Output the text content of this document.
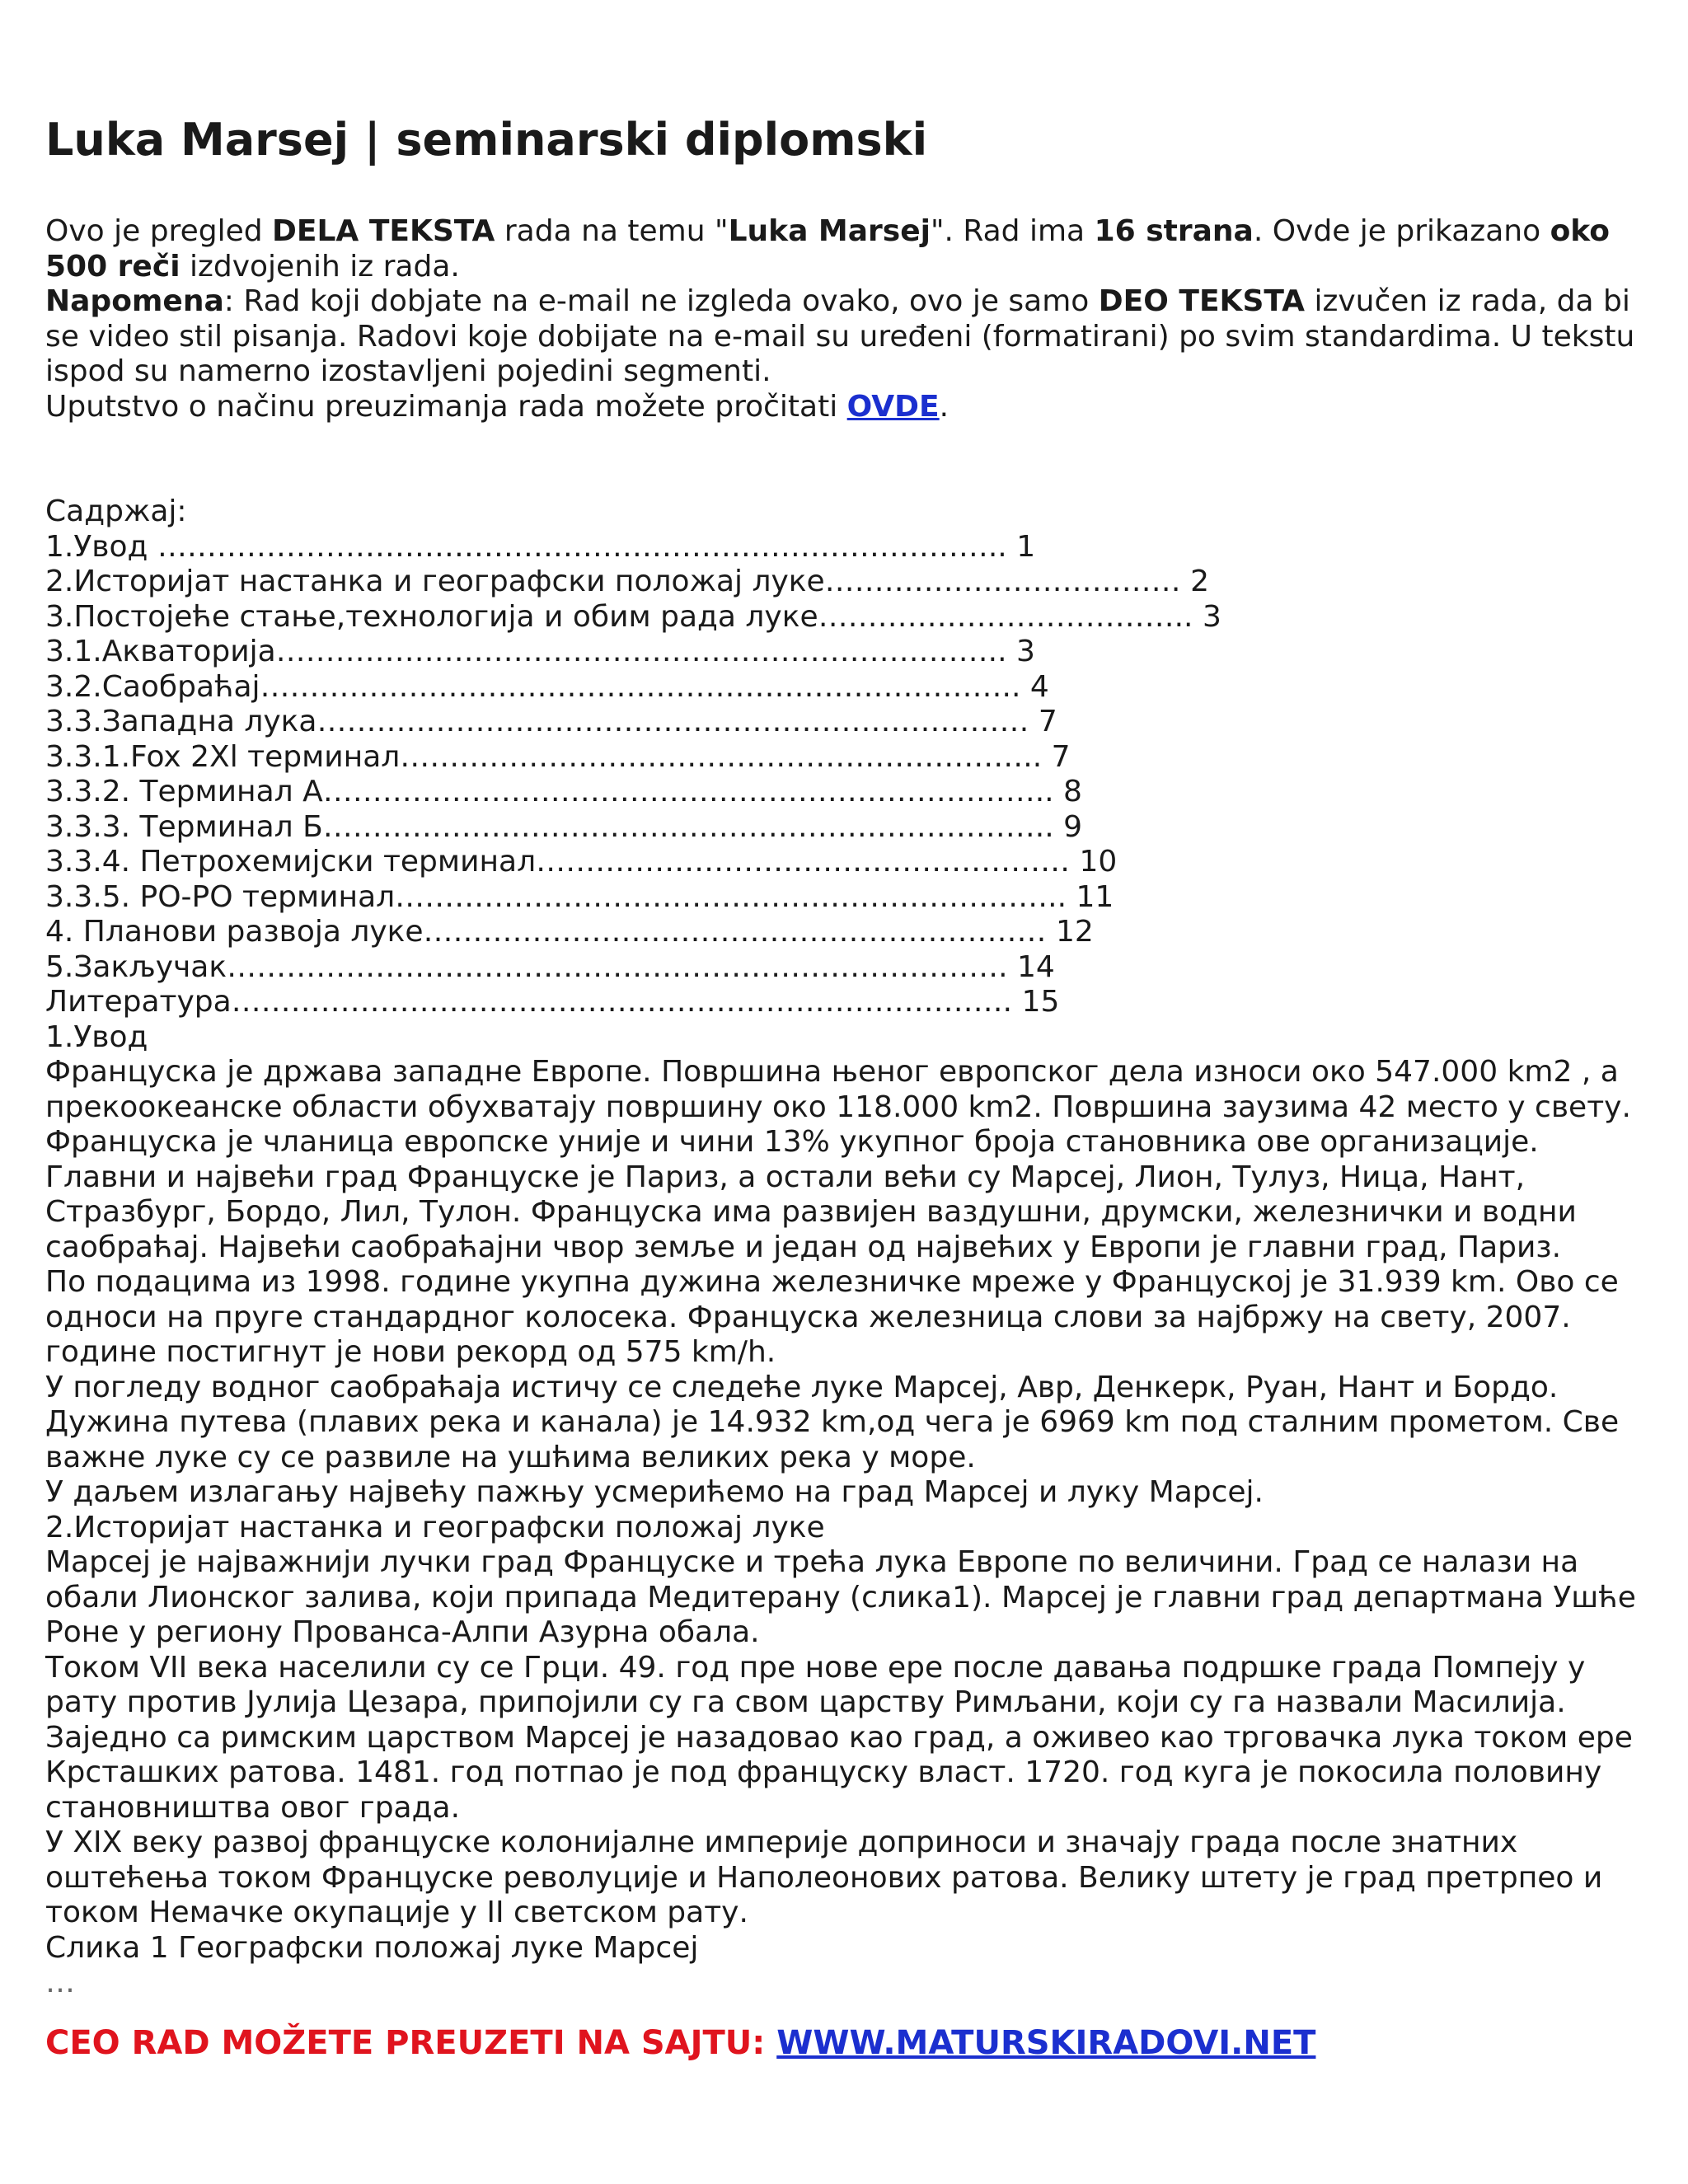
Luka Marsej | seminarski diplomski

Ovo je pregled DELA TEKSTA rada na temu "Luka Marsej". Rad ima 16 strana. Ovde je prikazano oko 500 reči izdvojenih iz rada.

Napomena: Rad koji dobjate na e-mail ne izgleda ovako, ovo je samo DEO TEKSTA izvučen iz rada, da bi se video stil pisanja. Radovi koje dobijate na e-mail su uređeni (formatirani) po svim standardima. U tekstu ispod su namerno izostavljeni pojedini segmenti.

Uputstvo o načinu preuzimanja rada možete pročitati OVDE.

Садржај:
1.Увод ………………………………………………………………………….. 1
2.Историјат настанка и географски положај луке……………………………… 2
3.Постојеће стање,технологија и обим рада луке……………………………….. 3
3.1.Акваторија……………………………………………………………….. 3
3.2.Саобраћај………………………………………………………………….. 4
3.3.Западна лука……………………………………………………………… 7
3.3.1.Fox 2Xl терминал……………………………………………………….. 7
3.3.2. Терминал А……………………………………………………………….. 8
3.3.3. Терминал Б……………………………………………………………….. 9
3.3.4. Петрохемијски терминал……………………………………………… 10
3.3.5. РО-РО терминал………………………………………………………….. 11
4. Планови развоја луке……………………………………………………… 12
5.Закључак……………………………………………………………………. 14
Литература……………………………………………………………………. 15

1.Увод

Француска је држава западне Европе. Површина њеног европског дела износи око 547.000 km2 , а прекоокеанске области обухватају површину око 118.000 km2. Површина заузима 42 место у свету. Француска је чланица европске уније и чини 13% укупног броја становника ове организације.

Главни и највећи град Француске је Париз, а остали већи су Марсеј, Лион, Тулуз, Ница, Нант, Стразбург, Бордо, Лил, Тулон. Француска има развијен ваздушни, друмски, железнички и водни саобраћај. Највећи саобраћајни чвор земље и један од највећих у Европи је главни град, Париз.

По подацима из 1998. године укупна дужина железничке мреже у Француској је 31.939 km. Ово се односи на пруге стандардног колосека. Француска железница слови за најбржу на свету, 2007. године постигнут је нови рекорд од 575 km/h.

У погледу водног саобраћаја истичу се следеће луке Марсеј, Авр, Денкерк, Руан, Нант и Бордо. Дужина путева (плавих река и канала) је 14.932 km,од чега је 6969 km под сталним прометом. Све важне луке су се развиле на ушћима великих река у море.

У даљем излагању највећу пажњу усмерићемо на град Марсеј и луку Марсеј.

2.Историјат настанка и географски положај луке

Марсеј је најважнији лучки град Француске и трећа лука Европе по величини. Град се налази на обали Лионског залива, који припада Медитерану (слика1). Марсеј је главни град департмана Ушће Роне у региону Прованса-Алпи Азурна обала.

Током VII века населили су се Грци. 49. год пре нове ере после давања подршке града Помпеју у рату против Јулија Цезара, припојили су га свом царству Римљани, који су га назвали Масилија. Заједно са римским царством Марсеј је назадовао као град, а оживео као трговачка лука током ере Крсташких ратова. 1481. год потпао је под француску власт. 1720. год куга је покосила половину становништва овог града.

У XIX веку развој француске колонијалне империје доприноси и значају града после знатних оштећења током Француске револуције и Наполеонових ратова. Велику штету је град претрпео и током Немачке окупације у II светском рату.

Слика 1 Географски положај луке Марсеј

…

CEO RAD MOŽETE PREUZETI NA SAJTU: WWW.MATURSKIRADOVI.NET
